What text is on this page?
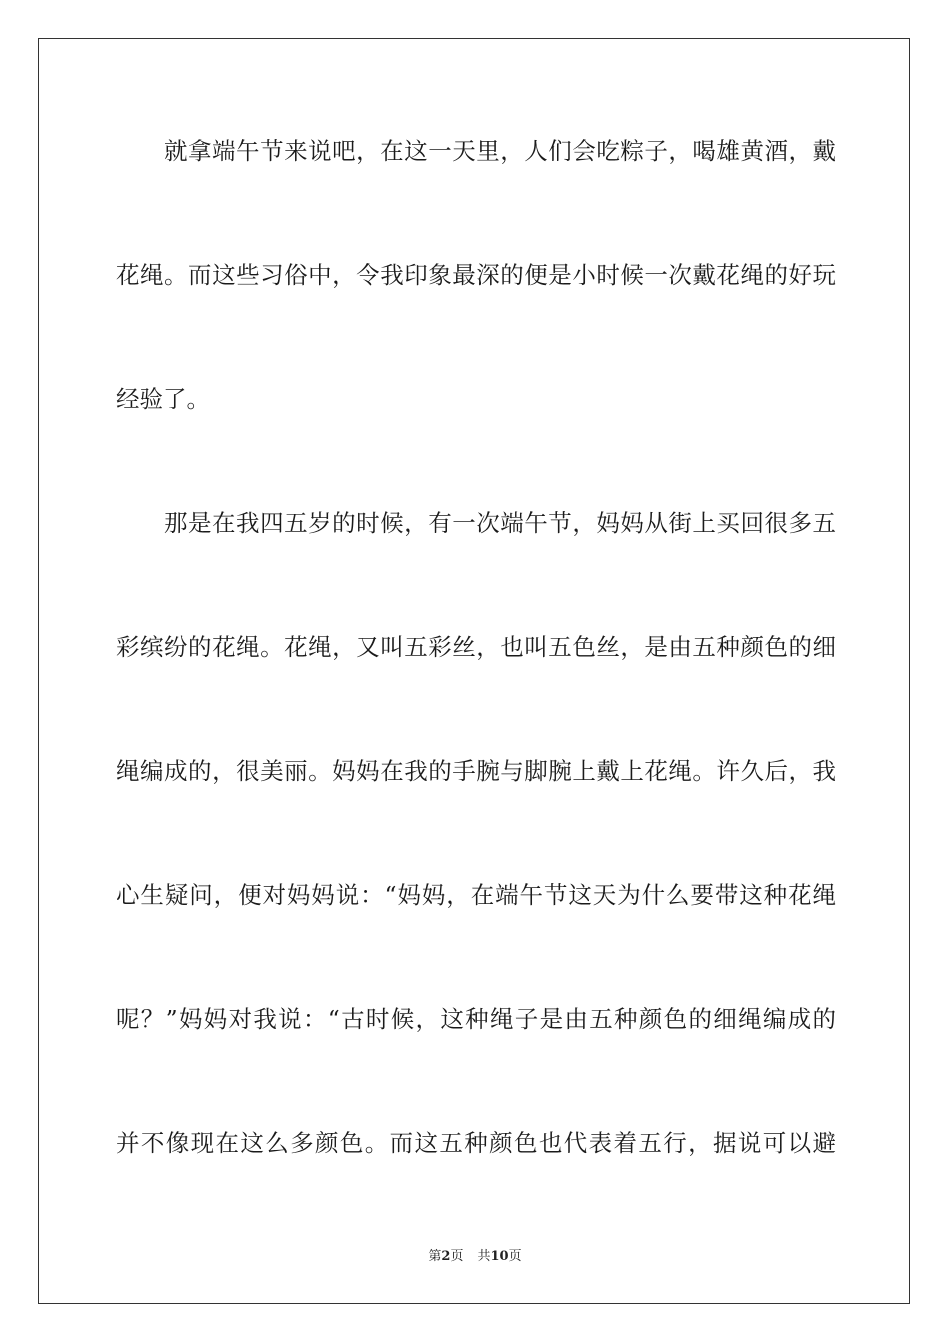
就拿端午节来说吧，在这一天里，人们会吃粽子，喝雄黄酒，戴
花绳。而这些习俗中，令我印象最深的便是小时候一次戴花绳的好玩
经验了。
那是在我四五岁的时候，有一次端午节，妈妈从街上买回很多五
彩缤纷的花绳。花绳，又叫五彩丝，也叫五色丝，是由五种颜色的细
绳编成的，很美丽。妈妈在我的手腕与脚腕上戴上花绳。许久后，我
心生疑问，便对妈妈说：“妈妈，在端午节这天为什么要带这种花绳
呢？”妈妈对我说：“古时候，这种绳子是由五种颜色的细绳编成的
并不像现在这么多颜色。而这五种颜色也代表着五行，据说可以避
第2页 共10页
